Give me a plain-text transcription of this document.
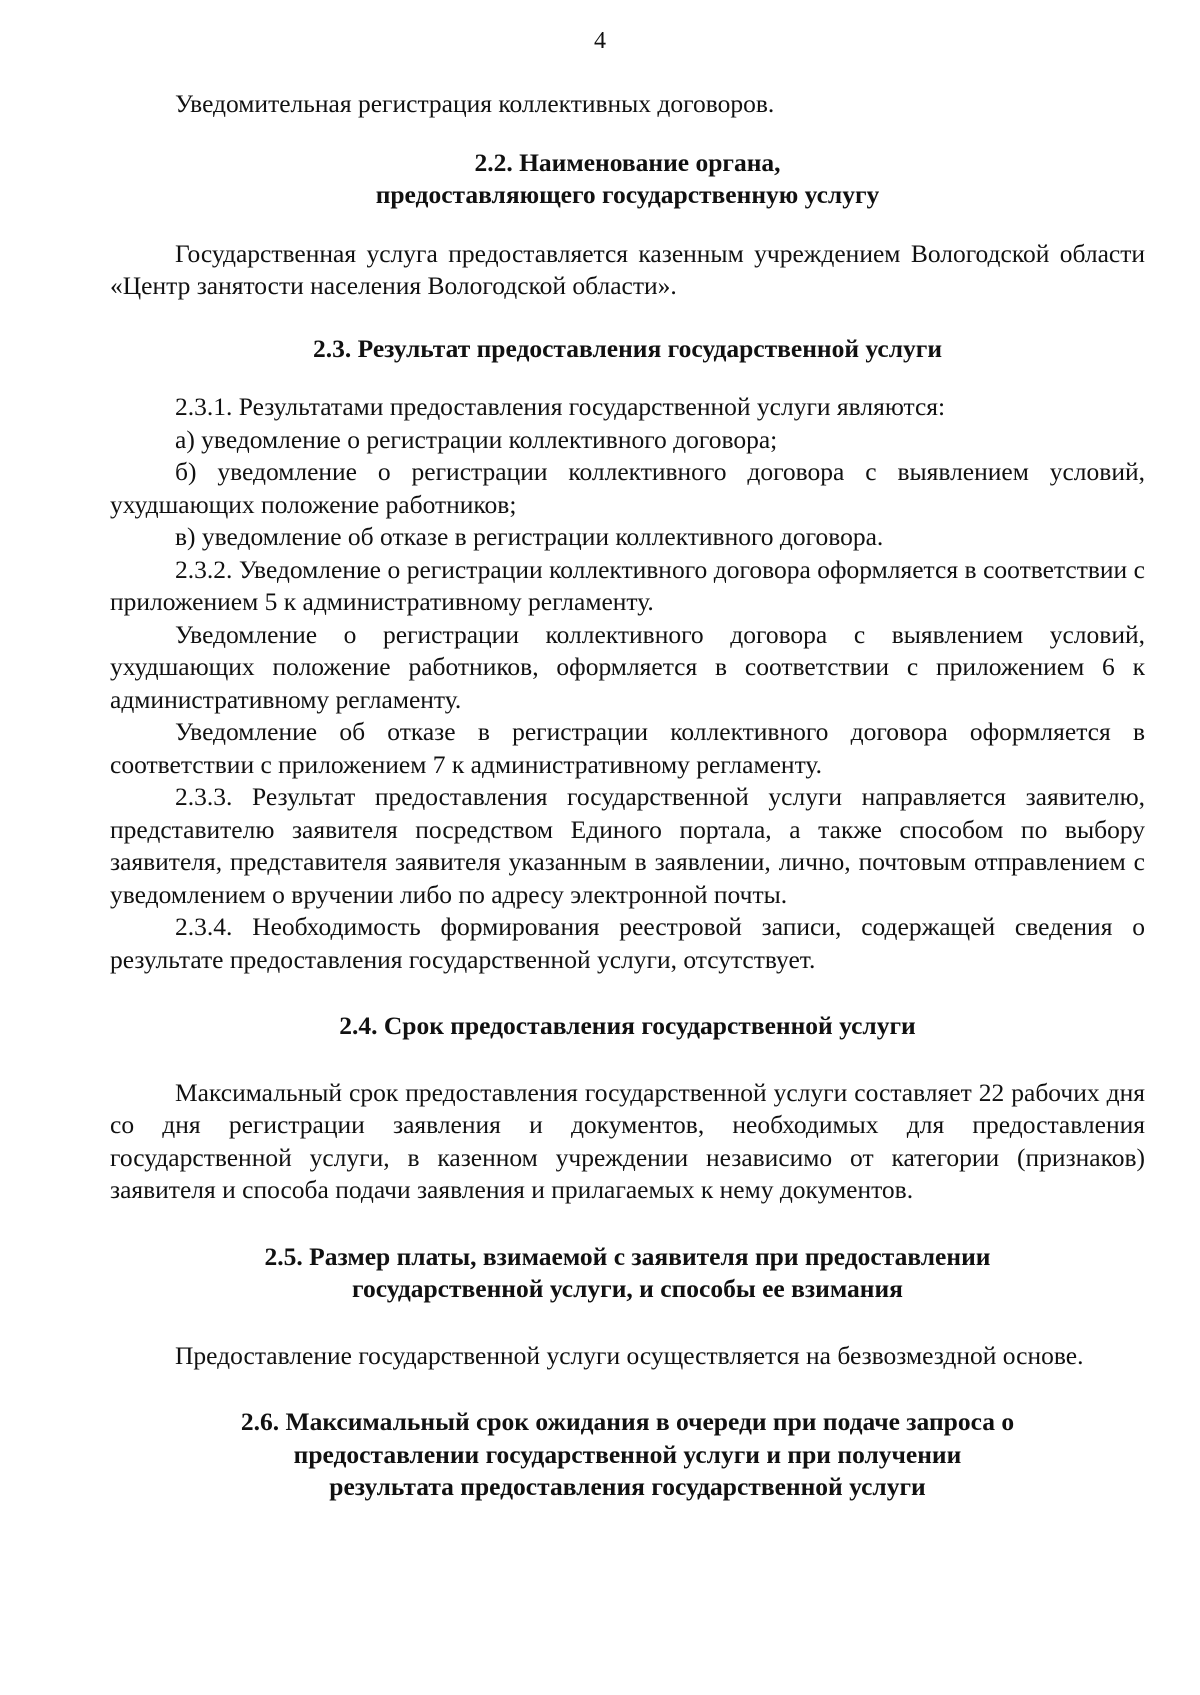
4

Уведомительная регистрация коллективных договоров.

2.2. Наименование органа,
предоставляющего государственную услугу

Государственная услуга предоставляется казенным учреждением Вологодской области «Центр занятости населения Вологодской области».

2.3. Результат предоставления государственной услуги

2.3.1. Результатами предоставления государственной услуги являются:

а) уведомление о регистрации коллективного договора;

б) уведомление о регистрации коллективного договора с выявлением условий, ухудшающих положение работников;

в) уведомление об отказе в регистрации коллективного договора.

2.3.2. Уведомление о регистрации коллективного договора оформляется в соответствии с приложением 5 к административному регламенту.

Уведомление о регистрации коллективного договора с выявлением условий, ухудшающих положение работников, оформляется в соответствии с приложением 6 к административному регламенту.

Уведомление об отказе в регистрации коллективного договора оформляется в соответствии с приложением 7 к административному регламенту.

2.3.3. Результат предоставления государственной услуги направляется заявителю, представителю заявителя посредством Единого портала, а также способом по выбору заявителя, представителя заявителя указанным в заявлении, лично, почтовым отправлением с уведомлением о вручении либо по адресу электронной почты.

2.3.4. Необходимость формирования реестровой записи, содержащей сведения о результате предоставления государственной услуги, отсутствует.

2.4. Срок предоставления государственной услуги

Максимальный срок предоставления государственной услуги составляет 22 рабочих дня со дня регистрации заявления и документов, необходимых для предоставления государственной услуги, в казенном учреждении независимо от категории (признаков) заявителя и способа подачи заявления и прилагаемых к нему документов.

2.5. Размер платы, взимаемой с заявителя при предоставлении
государственной услуги, и способы ее взимания

Предоставление государственной услуги осуществляется на безвозмездной основе.

2.6. Максимальный срок ожидания в очереди при подаче запроса о
предоставлении государственной услуги и при получении
результата предоставления государственной услуги
